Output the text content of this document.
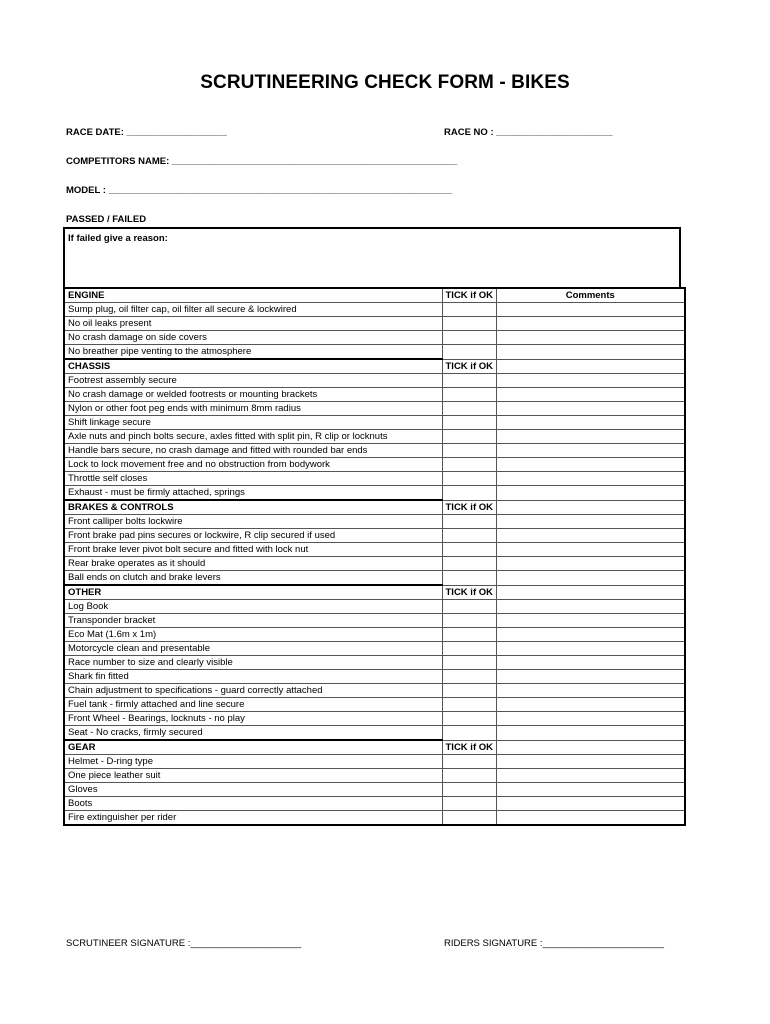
SCRUTINEERING CHECK FORM - BIKES
RACE DATE: ___________________	RACE NO : ______________________
COMPETITORS NAME: ______________________________________________________
MODEL : _________________________________________________________________
PASSED / FAILED
If failed give a reason:
ENGINE	TICK if OK	Comments
Sump plug, oil filter cap, oil filter all secure & lockwired		
No oil leaks present		
No crash damage on side covers		
No breather pipe venting to the atmosphere		
CHASSIS	TICK if OK	
Footrest assembly secure		
No crash damage or welded footrests or mounting brackets		
Nylon or other foot peg ends with minimum 8mm radius		
Shift linkage secure		
Axle nuts and pinch bolts secure, axles fitted with split pin, R clip or locknuts		
Handle bars secure, no crash damage and fitted with rounded bar ends		
Lock to lock movement free and no obstruction from bodywork		
Throttle self closes		
Exhaust - must be firmly attached, springs		
BRAKES & CONTROLS	TICK if OK	
Front calliper bolts lockwire		
Front brake pad pins secures or lockwire, R clip secured if used		
Front brake lever pivot bolt secure and fitted with lock nut		
Rear brake operates as it should		
Ball ends on clutch and brake levers		
OTHER	TICK if OK	
Log Book		
Transponder bracket		
Eco Mat (1.6m x 1m)		
Motorcycle clean and presentable		
Race number to size and clearly visible		
Shark fin fitted		
Chain adjustment to specifications - guard correctly attached		
Fuel tank - firmly attached and line secure		
Front Wheel - Bearings, locknuts - no play		
Seat - No cracks, firmly secured		
GEAR	TICK if OK	
Helmet - D-ring type		
One piece leather suit		
Gloves		
Boots		
Fire extinguisher per rider		
SCRUTINEER SIGNATURE :_____________________	RIDERS SIGNATURE :_______________________
